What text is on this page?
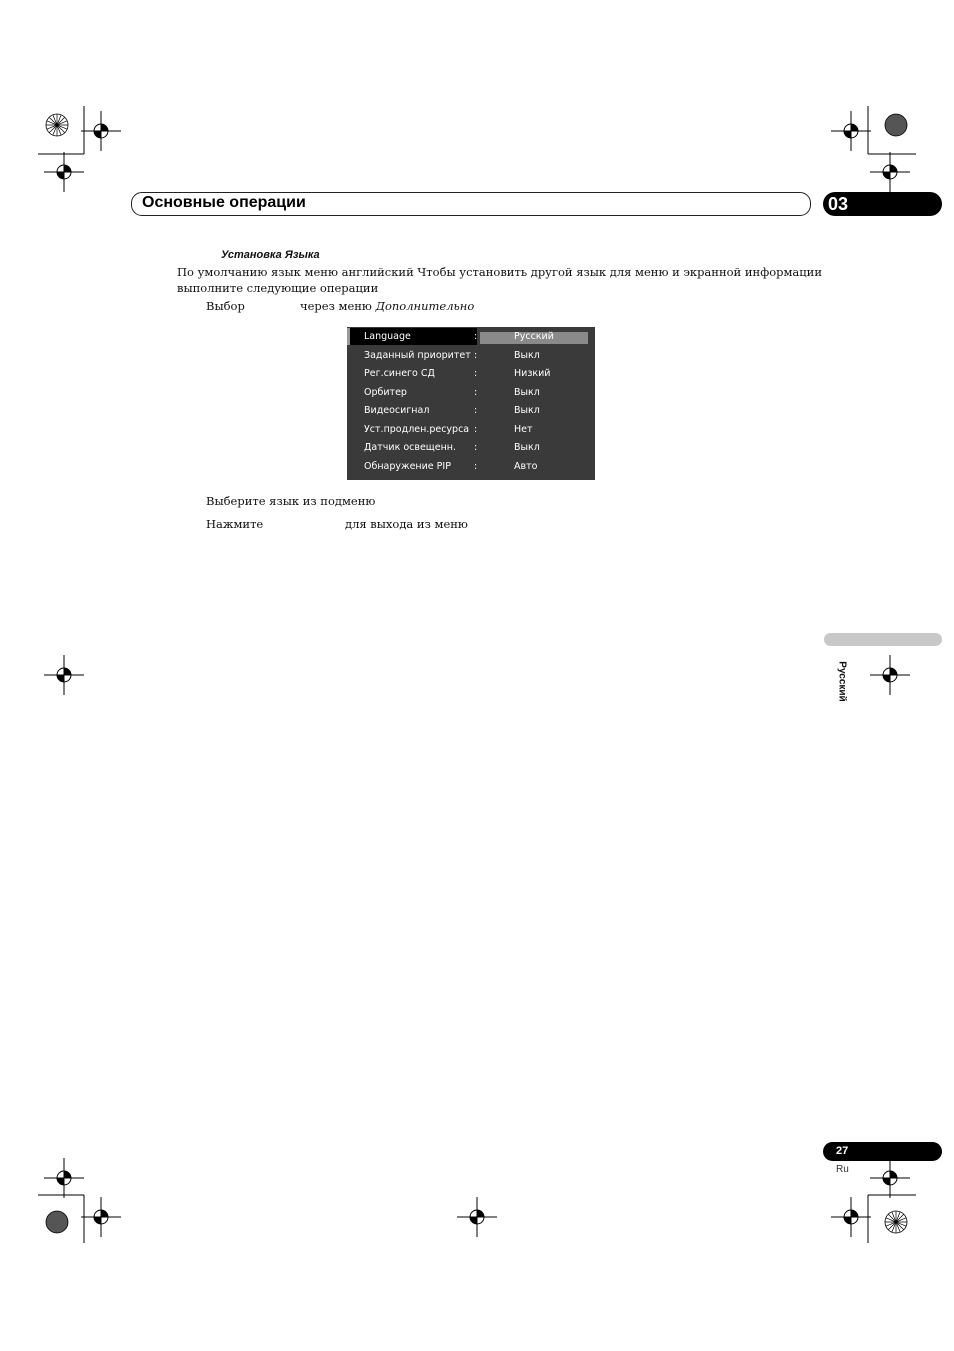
Основные операции	03
Установка Языка
По умолчанию язык меню английский Чтобы установить другой язык для меню и экранной информации
выполните следующие операции
Выбор	через меню Дополнительно
Language	:	Русский
Заданный приоритет :	Выкл
Рег.синего СД	:	Низкий
Орбитер	:	Выкл
Видеосигнал	:	Выкл
Уст.продлен.ресурса :	Нет
Датчик освещенн. :	Выкл
Обнаружение PIP :	Авто
Выберите язык из подменю
Нажмите	для выхода из меню
Русский
27
Ru
